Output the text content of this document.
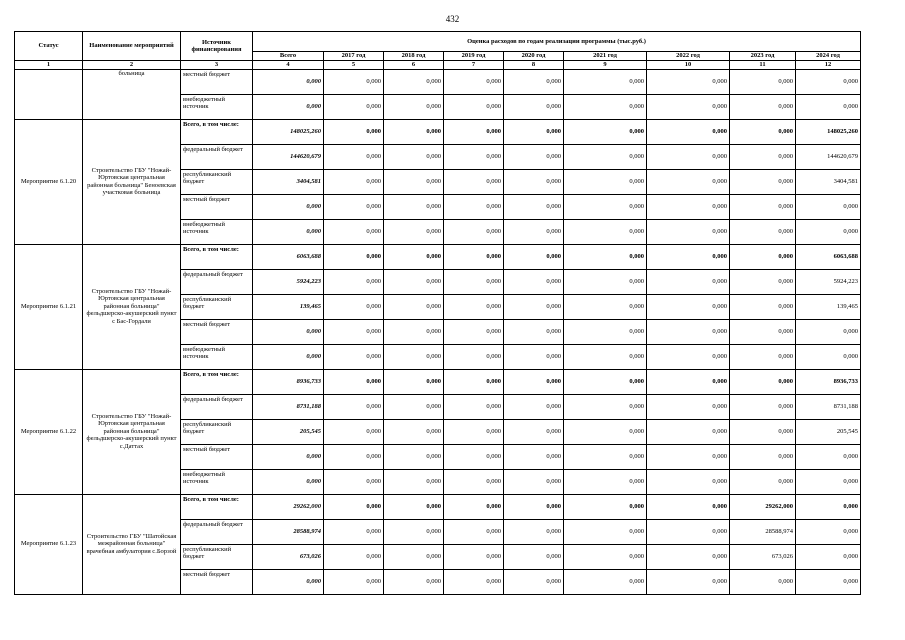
432
Статус	Наименование мероприятий	Источник финансирования	Оценка расходов по годам реализации программы (тыс.руб.)								
			Всего	2017 год	2018 год	2019 год	2020 год	2021 год	2022 год	2023 год	2024 год
1	2	3	4	5	6	7	8	9	10	11	12
	больница	местный бюджет	0,000	0,000	0,000	0,000	0,000	0,000	0,000	0,000	0,000
		внебюджетный источник	0,000	0,000	0,000	0,000	0,000	0,000	0,000	0,000	0,000
Мероприятие 6.1.20	Строительство ГБУ "Ножай-Юртовская центральная районная больница" Беноевская участковая больница	Всего, в том числе:	148025,260	0,000	0,000	0,000	0,000	0,000	0,000	0,000	148025,260
		федеральный бюджет	144620,679	0,000	0,000	0,000	0,000	0,000	0,000	0,000	144620,679
		республиканский бюджет	3404,581	0,000	0,000	0,000	0,000	0,000	0,000	0,000	3404,581
		местный бюджет	0,000	0,000	0,000	0,000	0,000	0,000	0,000	0,000	0,000
		внебюджетный источник	0,000	0,000	0,000	0,000	0,000	0,000	0,000	0,000	0,000
Мероприятие 6.1.21	Строительство ГБУ "Ножай-Юртовская центральная районная больница" фельдшерско-акушерский пункт с Бас-Гордали	Всего, в том числе:	6063,688	0,000	0,000	0,000	0,000	0,000	0,000	0,000	6063,688
		федеральный бюджет	5924,223	0,000	0,000	0,000	0,000	0,000	0,000	0,000	5924,223
		республиканский бюджет	139,465	0,000	0,000	0,000	0,000	0,000	0,000	0,000	139,465
		местный бюджет	0,000	0,000	0,000	0,000	0,000	0,000	0,000	0,000	0,000
		внебюджетный источник	0,000	0,000	0,000	0,000	0,000	0,000	0,000	0,000	0,000
Мероприятие 6.1.22	Строительство ГБУ "Ножай-Юртовская центральная районная больница" фельдшерско-акушерский пункт с.Даттах	Всего, в том числе:	8936,733	0,000	0,000	0,000	0,000	0,000	0,000	0,000	8936,733
		федеральный бюджет	8731,188	0,000	0,000	0,000	0,000	0,000	0,000	0,000	8731,188
		республиканский бюджет	205,545	0,000	0,000	0,000	0,000	0,000	0,000	0,000	205,545
		местный бюджет	0,000	0,000	0,000	0,000	0,000	0,000	0,000	0,000	0,000
		внебюджетный источник	0,000	0,000	0,000	0,000	0,000	0,000	0,000	0,000	0,000
Мероприятие 6.1.23	Строительство ГБУ "Шатойская межрайонная больница" врачебная амбулатория с.Борзой	Всего, в том числе:	29262,000	0,000	0,000	0,000	0,000	0,000	0,000	29262,000	0,000
		федеральный бюджет	28588,974	0,000	0,000	0,000	0,000	0,000	0,000	28588,974	0,000
		республиканский бюджет	673,026	0,000	0,000	0,000	0,000	0,000	0,000	673,026	0,000
		местный бюджет	0,000	0,000	0,000	0,000	0,000	0,000	0,000	0,000	0,000
